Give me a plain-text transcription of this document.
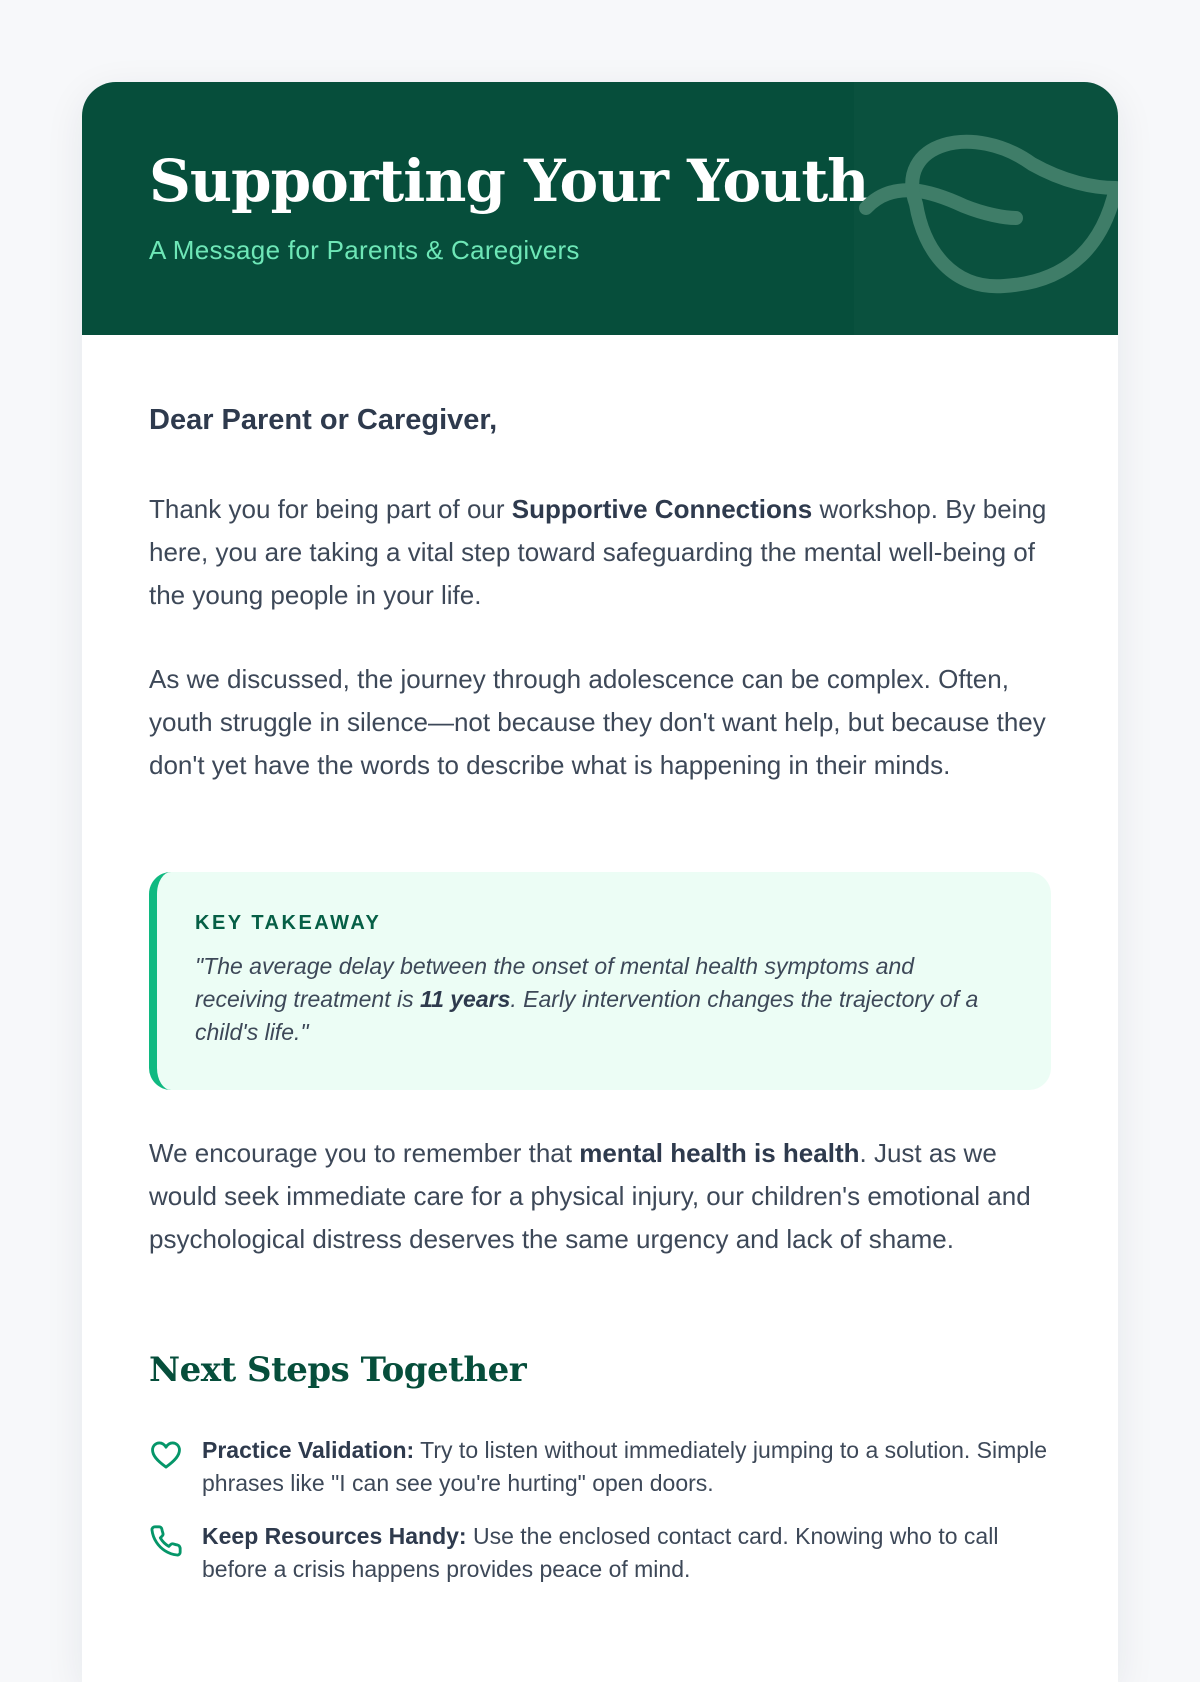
Supporting Your Youth

A Message for Parents & Caregivers

Dear Parent or Caregiver,

Thank you for being part of our Supportive Connections workshop. By being here, you are taking a vital step toward safeguarding the mental well-being of the young people in your life.

As we discussed, the journey through adolescence can be complex. Often, youth struggle in silence—not because they don't want help, but because they don't yet have the words to describe what is happening in their minds.

KEY TAKEAWAY

"The average delay between the onset of mental health symptoms and receiving treatment is 11 years. Early intervention changes the trajectory of a child's life."

We encourage you to remember that mental health is health. Just as we would seek immediate care for a physical injury, our children's emotional and psychological distress deserves the same urgency and lack of shame.

Next Steps Together

Practice Validation: Try to listen without immediately jumping to a solution. Simple phrases like "I can see you're hurting" open doors.

Keep Resources Handy: Use the enclosed contact card. Knowing who to call before a crisis happens provides peace of mind.
